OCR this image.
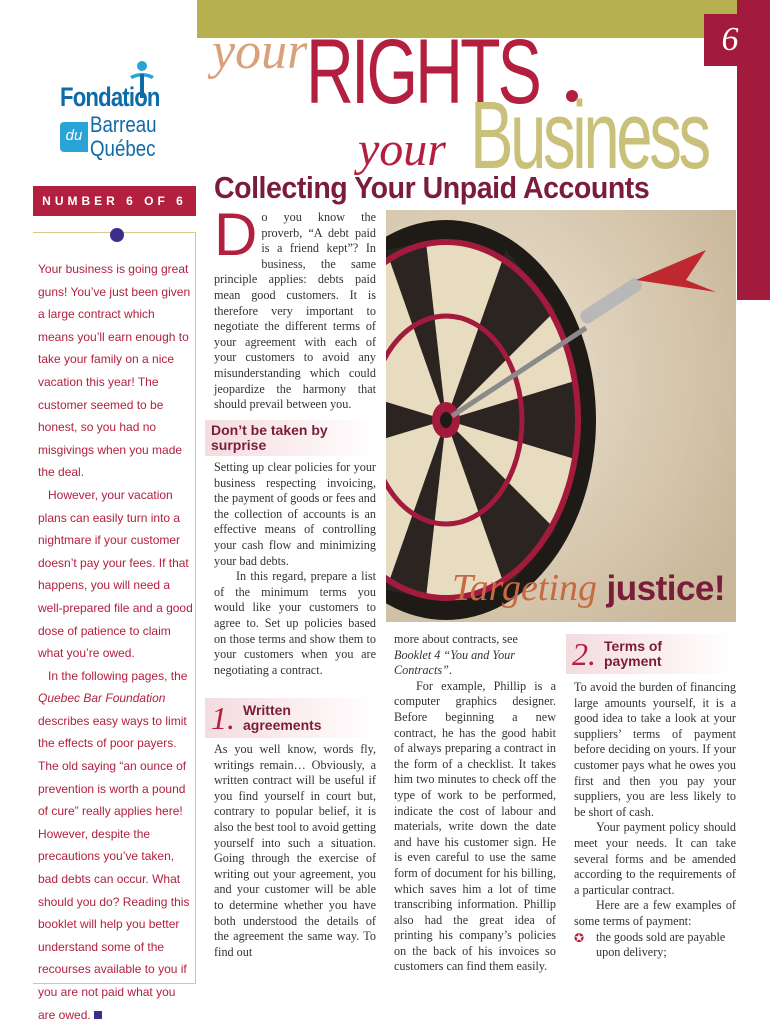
6
your
RIGHTS
Business
your
Collecting Your Unpaid Accounts
Fondation
du Barreau
Québec
NUMBER 6 OF 6

Your business is going great guns! You’ve just been given a large contract which means you’ll earn enough to take your family on a nice vacation this year! The customer seemed to be honest, so you had no misgivings when you made the deal.

However, your vacation plans can easily turn into a nightmare if your customer doesn’t pay your fees. If that happens, you will need a well-prepared file and a good dose of patience to claim what you’re owed.

In the following pages, the Quebec Bar Foundation describes easy ways to limit the effects of poor payers. The old saying “an ounce of prevention is worth a pound of cure” really applies here! However, despite the precautions you’ve taken, bad debts can occur. What should you do? Reading this booklet will help you better understand some of the recourses available to you if you are not paid what you are owed.

D o you know the proverb, “A debt paid is a friend kept”? In business, the same principle applies: debts paid mean good customers. It is therefore very important to negotiate the different terms of your agreement with each of your customers to avoid any misunderstanding which could jeopardize the harmony that should prevail between you.
Targeting justice!
Don’t be taken by surprise

Setting up clear policies for your business respecting invoicing, the payment of goods or fees and the collection of accounts is an effective means of controlling your cash flow and minimizing your bad debts.

In this regard, prepare a list of the minimum terms you would like your customers to agree to. Set up policies based on those terms and show them to your customers when you are negotiating a contract.

1. Written agreements

As you well know, words fly, writings remain… Obviously, a written contract will be useful if you find yourself in court but, contrary to popular belief, it is also the best tool to avoid getting yourself into such a situation. Going through the exercise of writing out your agreement, you and your customer will be able to determine whether you have both understood the details of the agreement the same way. To find out

more about contracts, see Booklet 4 “You and Your Contracts”.

For example, Phillip is a computer graphics designer. Before beginning a new contract, he has the good habit of always preparing a contract in the form of a checklist. It takes him two minutes to check off the type of work to be performed, indicate the cost of labour and materials, write down the date and have his customer sign. He is even careful to use the same form of document for his billing, which saves him a lot of time transcribing information. Phillip also had the great idea of printing his company’s policies on the back of his invoices so customers can find them easily.

2. Terms of payment

To avoid the burden of financing large amounts yourself, it is a good idea to take a look at your suppliers’ terms of payment before deciding on yours. If your customer pays what he owes you first and then you pay your suppliers, you are less likely to be short of cash.

Your payment policy should meet your needs. It can take several forms and be amended according to the requirements of a particular contract.

Here are a few examples of some terms of payment:

✪ the goods sold are payable upon delivery;
